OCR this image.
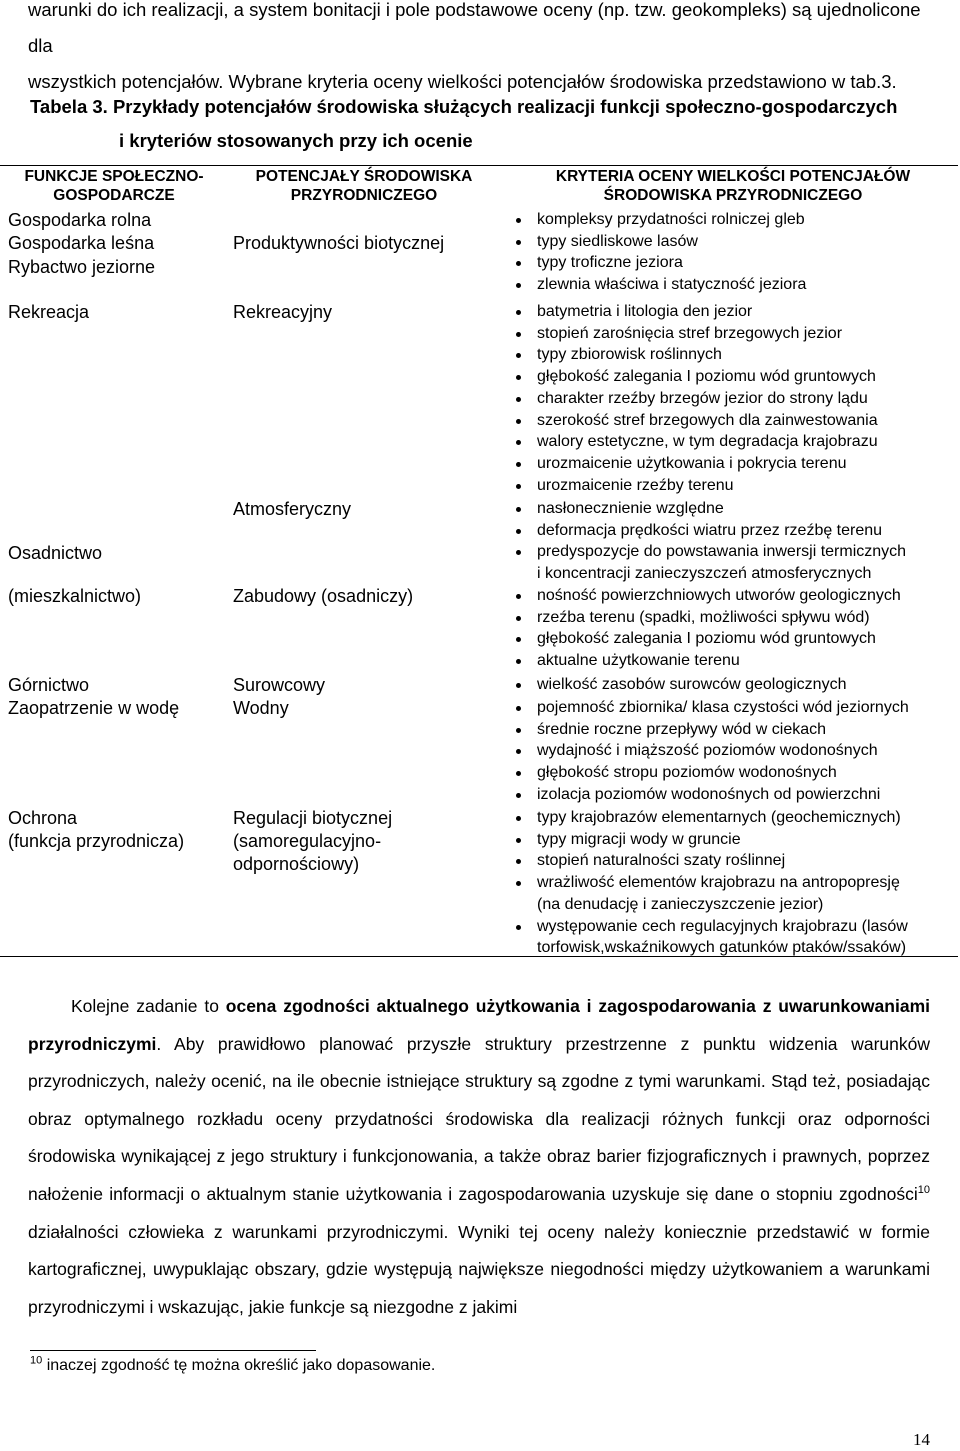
warunki do ich realizacji, a system bonitacji i pole podstawowe oceny (np. tzw. geokompleks) są ujednolicone dla
wszystkich potencjałów. Wybrane kryteria oceny wielkości potencjałów środowiska przedstawiono w tab.3.
Tabela 3. Przykłady potencjałów środowiska służących realizacji funkcji społeczno-gospodarczych
i kryteriów stosowanych przy ich ocenie
FUNKCJE SPOŁECZNO-
GOSPODARCZE
POTENCJAŁY ŚRODOWISKA
PRZYRODNICZEGO
KRYTERIA OCENY WIELKOŚCI POTENCJAŁÓW
ŚRODOWISKA PRZYRODNICZEGO
Gospodarka rolna
Gospodarka leśna
Rybactwo jeziorne
Rekreacja
Osadnictwo
(mieszkalnictwo)
Górnictwo
Zaopatrzenie w wodę
Ochrona
(funkcja przyrodnicza)
Produktywności biotycznej
Rekreacyjny
Atmosferyczny
Zabudowy (osadniczy)
Surowcowy
Wodny
Regulacji biotycznej
(samoregulacyjno-
odpornościowy)
kompleksy przydatności rolniczej gleb
typy siedliskowe lasów
typy troficzne jeziora
zlewnia właściwa i statyczność jeziora
batymetria i litologia den jezior
stopień zarośnięcia stref brzegowych jezior
typy zbiorowisk roślinnych
głębokość zalegania I poziomu wód gruntowych
charakter rzeźby brzegów jezior do strony lądu
szerokość stref brzegowych dla zainwestowania
walory estetyczne, w tym degradacja krajobrazu
urozmaicenie użytkowania i pokrycia terenu
urozmaicenie rzeźby terenu
nasłonecznienie względne
deformacja prędkości wiatru przez rzeźbę terenu
predyspozycje do powstawania inwersji termicznych
i koncentracji zanieczyszczeń atmosferycznych
nośność powierzchniowych utworów geologicznych
rzeźba terenu (spadki, możliwości spływu wód)
głębokość zalegania I poziomu wód gruntowych
aktualne użytkowanie terenu
wielkość zasobów surowców geologicznych
pojemność zbiornika/ klasa czystości wód jeziornych
średnie roczne przepływy wód w ciekach
wydajność i miąższość poziomów wodonośnych
głębokość stropu poziomów wodonośnych
izolacja poziomów wodonośnych od powierzchni
typy krajobrazów elementarnych (geochemicznych)
typy migracji wody w gruncie
stopień naturalności szaty roślinnej
wrażliwość elementów krajobrazu na antropopresję
(na denudację i zanieczyszczenie jezior)
występowanie cech regulacyjnych krajobrazu (lasów
torfowisk,wskaźnikowych gatunków ptaków/ssaków)
Kolejne zadanie to ocena zgodności aktualnego użytkowania i zagospodarowania z uwarunkowaniami przyrodniczymi. Aby prawidłowo planować przyszłe struktury przestrzenne z punktu widzenia warunków przyrodniczych, należy ocenić, na ile obecnie istniejące struktury są zgodne z tymi warunkami. Stąd też, posiadając obraz optymalnego rozkładu oceny przydatności środowiska dla realizacji różnych funkcji oraz odporności środowiska wynikającej z jego struktury i funkcjonowania, a także obraz barier fizjograficznych i prawnych, poprzez nałożenie informacji o aktualnym stanie użytkowania i zagospodarowania uzyskuje się dane o stopniu zgodności$^{10}$ działalności człowieka z warunkami przyrodniczymi. Wyniki tej oceny należy koniecznie przedstawić w formie kartograficznej, uwypuklając obszary, gdzie występują największe niegodności między użytkowaniem a warunkami przyrodniczymi i wskazując, jakie funkcje są niezgodne z jakimi
$^{10}$ inaczej zgodność tę można określić jako dopasowanie.
14
